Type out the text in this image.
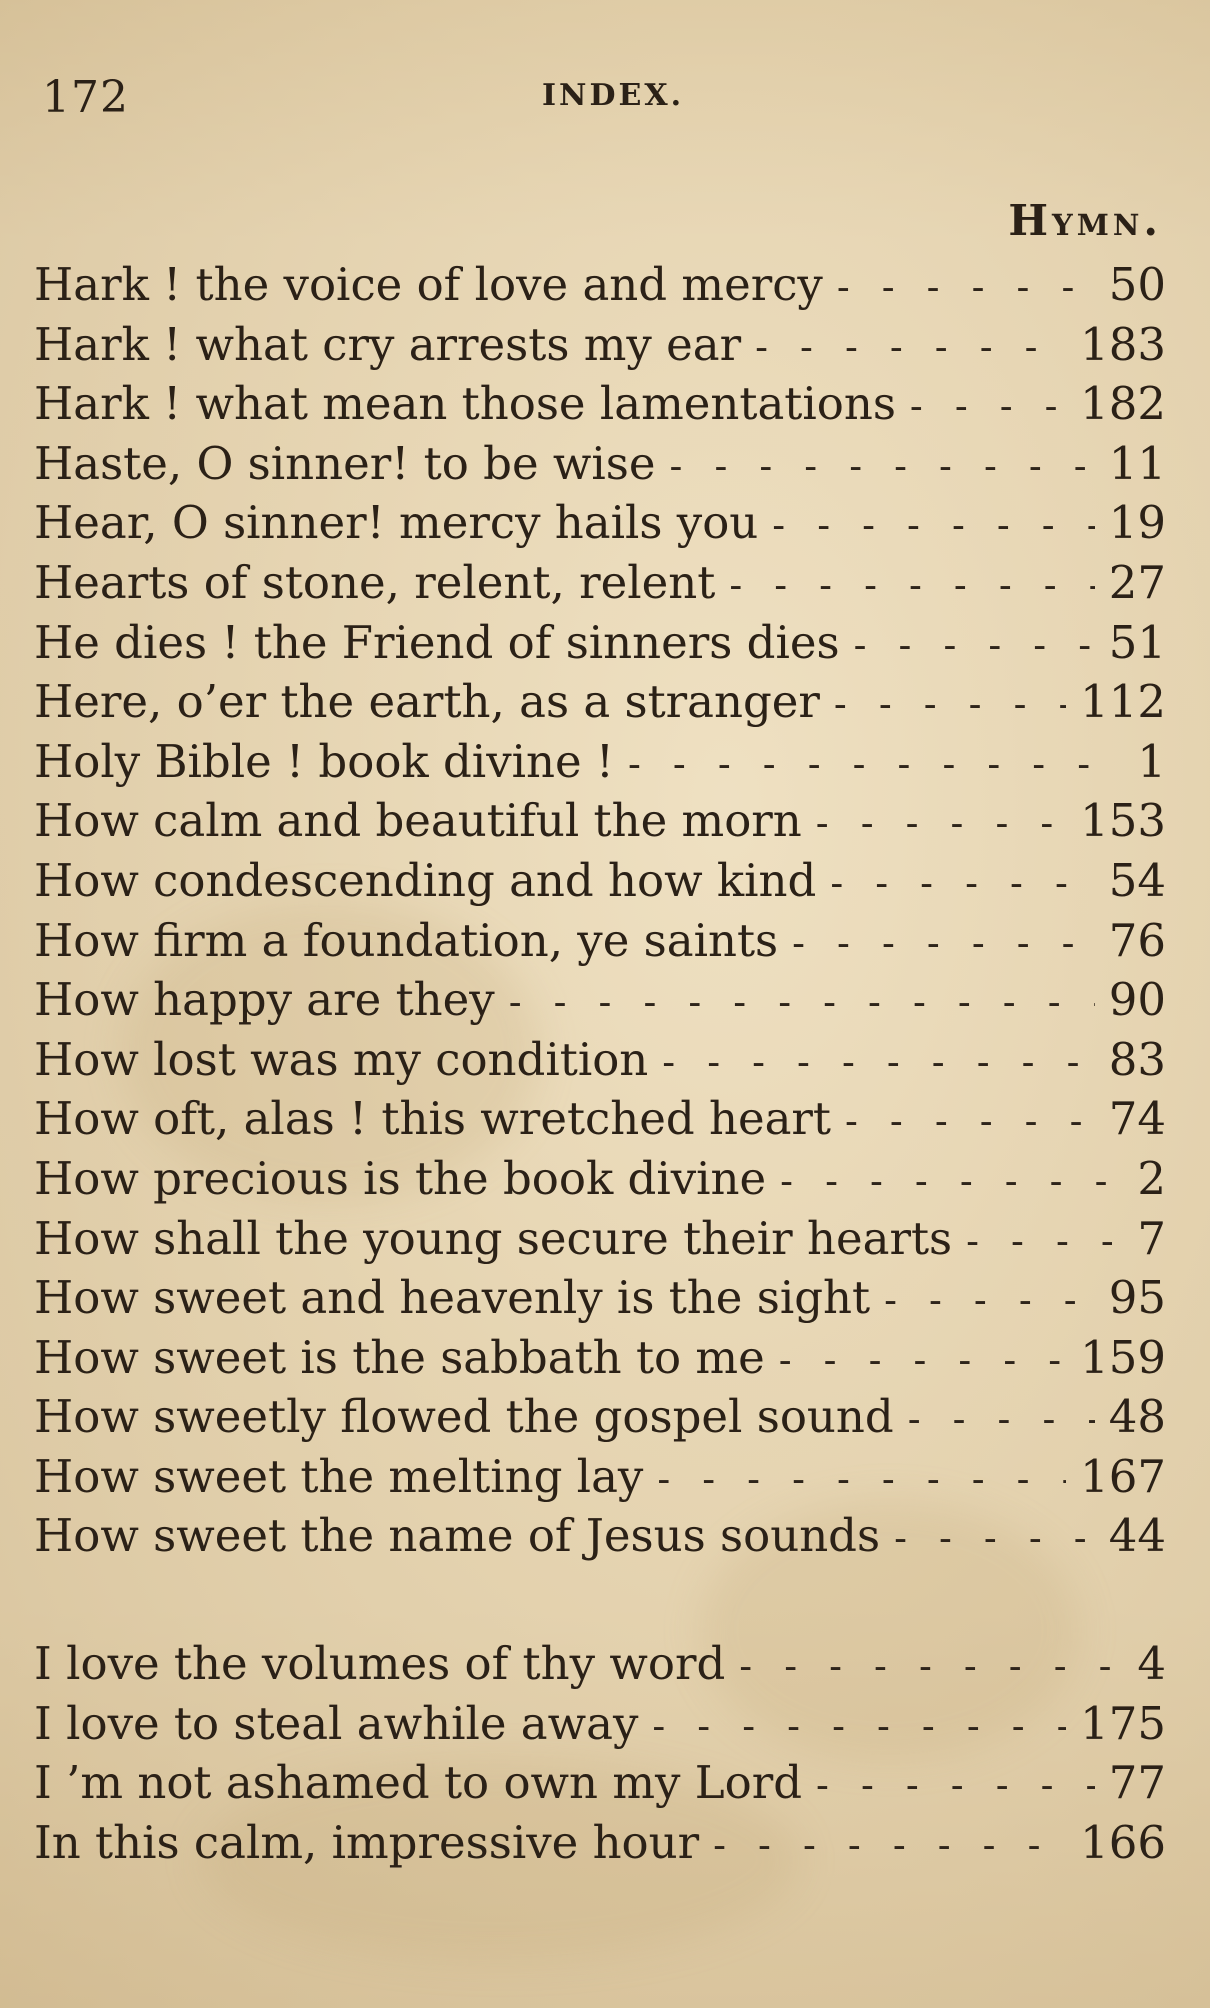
172	INDEX.
Hymn.
Hark ! the voice of love and mercy - - -	50
Hark ! what cry arrests my ear - - -	183
Hark ! what mean those lamentations - - -	182
Haste, O sinner! to be wise - - -	11
Hear, O sinner! mercy hails you - - -	19
Hearts of stone, relent, relent - - -	27
He dies ! the Friend of sinners dies - - -	51
Here, o’er the earth, as a stranger - - -	112
Holy Bible ! book divine ! - - -	1
How calm and beautiful the morn - - -	153
How condescending and how kind - - -	54
How firm a foundation, ye saints - - -	76
How happy are they - - -	90
How lost was my condition - - -	83
How oft, alas ! this wretched heart - - -	74
How precious is the book divine - - -	2
How shall the young secure their hearts - - -	7
How sweet and heavenly is the sight - - -	95
How sweet is the sabbath to me - - -	159
How sweetly flowed the gospel sound - - -	48
How sweet the melting lay - - -	167
How sweet the name of Jesus sounds - - -	44
I love the volumes of thy word - - -	4
I love to steal awhile away - - -	175
I ’m not ashamed to own my Lord - - -	77
In this calm, impressive hour - - -	166
